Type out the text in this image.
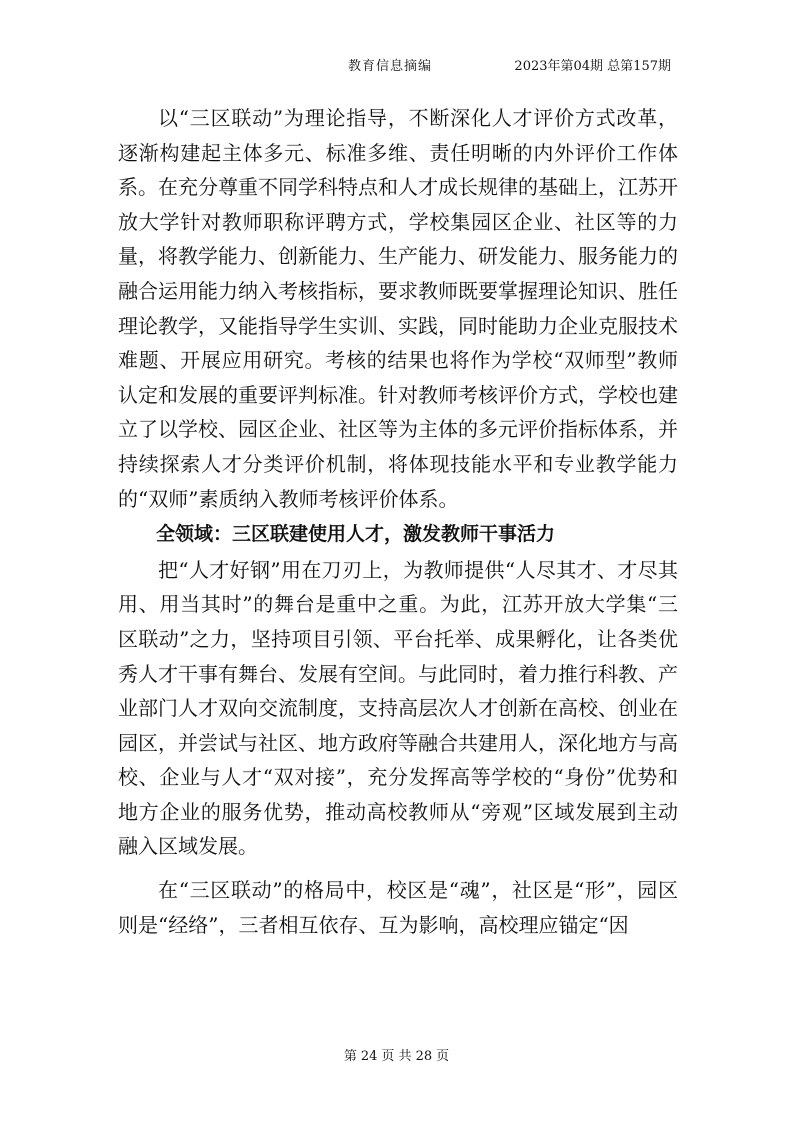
教育信息摘编	2023年第04期 总第157期

以“三区联动”为理论指导，不断深化人才评价方式改革，逐渐构建起主体多元、标准多维、责任明晰的内外评价工作体系。在充分尊重不同学科特点和人才成长规律的基础上，江苏开放大学针对教师职称评聘方式，学校集园区企业、社区等的力量，将教学能力、创新能力、生产能力、研发能力、服务能力的融合运用能力纳入考核指标，要求教师既要掌握理论知识、胜任理论教学，又能指导学生实训、实践，同时能助力企业克服技术难题、开展应用研究。考核的结果也将作为学校“双师型”教师认定和发展的重要评判标准。针对教师考核评价方式，学校也建立了以学校、园区企业、社区等为主体的多元评价指标体系，并持续探索人才分类评价机制，将体现技能水平和专业教学能力的“双师”素质纳入教师考核评价体系。

全领域：三区联建使用人才，激发教师干事活力

把“人才好钢”用在刀刃上，为教师提供“人尽其才、才尽其用、用当其时”的舞台是重中之重。为此，江苏开放大学集“三区联动”之力，坚持项目引领、平台托举、成果孵化，让各类优秀人才干事有舞台、发展有空间。与此同时，着力推行科教、产业部门人才双向交流制度，支持高层次人才创新在高校、创业在园区，并尝试与社区、地方政府等融合共建用人，深化地方与高校、企业与人才“双对接”，充分发挥高等学校的“身份”优势和地方企业的服务优势，推动高校教师从“旁观”区域发展到主动融入区域发展。

在“三区联动”的格局中，校区是“魂”，社区是“形”，园区则是“经络”，三者相互依存、互为影响，高校理应锚定“因

第 24 页 共 28 页
